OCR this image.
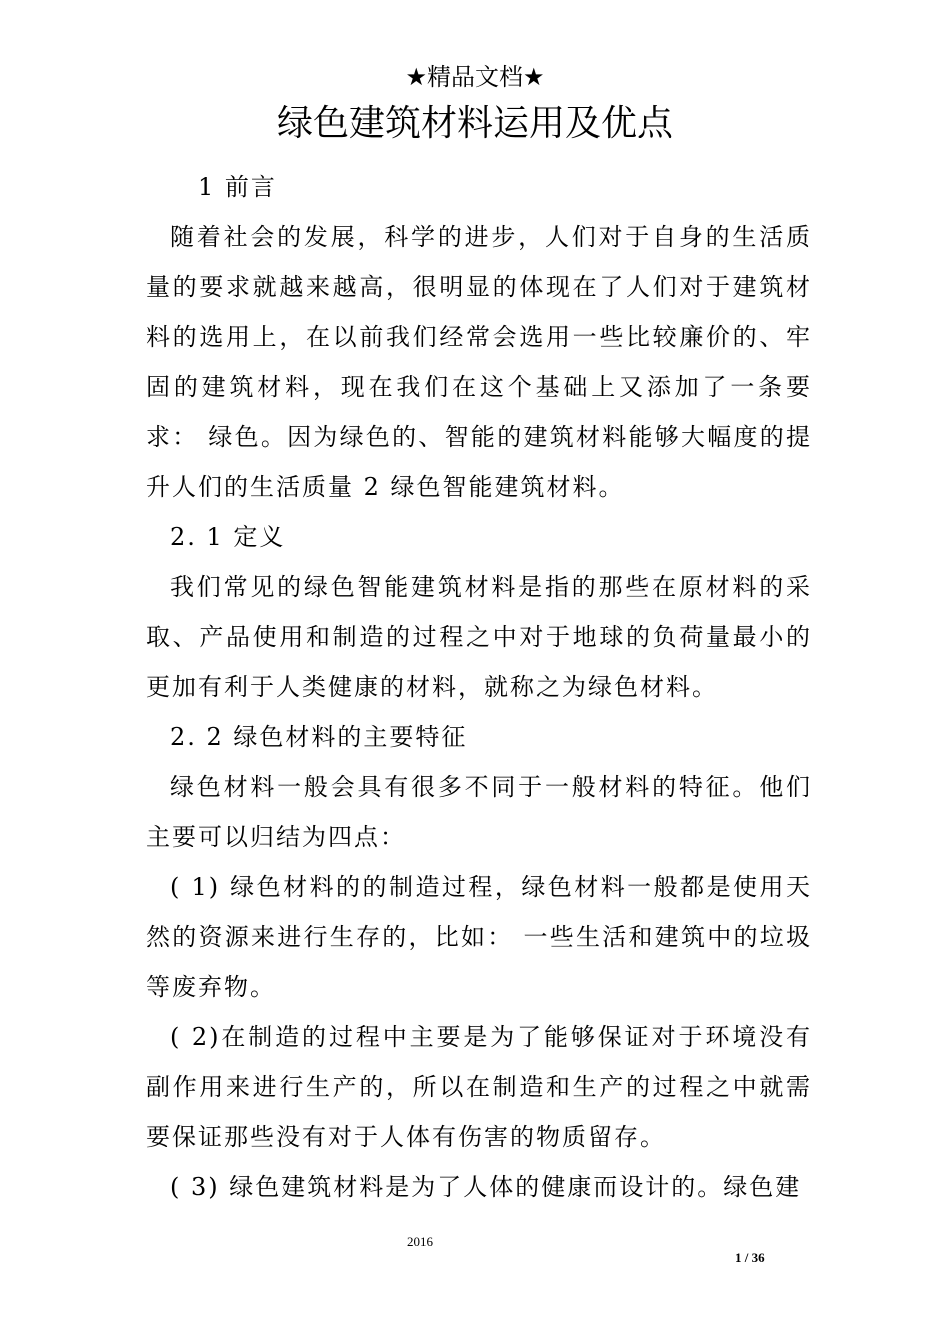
★精品文档★
绿色建筑材料运用及优点

1 前言

随着社会的发展，科学的进步，人们对于自身的生活质量的要求就越来越高，很明显的体现在了人们对于建筑材料的选用上，在以前我们经常会选用一些比较廉价的、牢固的建筑材料，现在我们在这个基础上又添加了一条要求： 绿色。因为绿色的、智能的建筑材料能够大幅度的提升人们的生活质量 2 绿色智能建筑材料。

2. 1 定义

我们常见的绿色智能建筑材料是指的那些在原材料的采取、产品使用和制造的过程之中对于地球的负荷量最小的更加有利于人类健康的材料，就称之为绿色材料。

2. 2 绿色材料的主要特征

绿色材料一般会具有很多不同于一般材料的特征。他们主要可以归结为四点：

( 1) 绿色材料的的制造过程，绿色材料一般都是使用天然的资源来进行生存的，比如： 一些生活和建筑中的垃圾等废弃物。

( 2)在制造的过程中主要是为了能够保证对于环境没有副作用来进行生产的，所以在制造和生产的过程之中就需要保证那些没有对于人体有伤害的物质留存。

( 3) 绿色建筑材料是为了人体的健康而设计的。绿色建

2016
1 / 36
